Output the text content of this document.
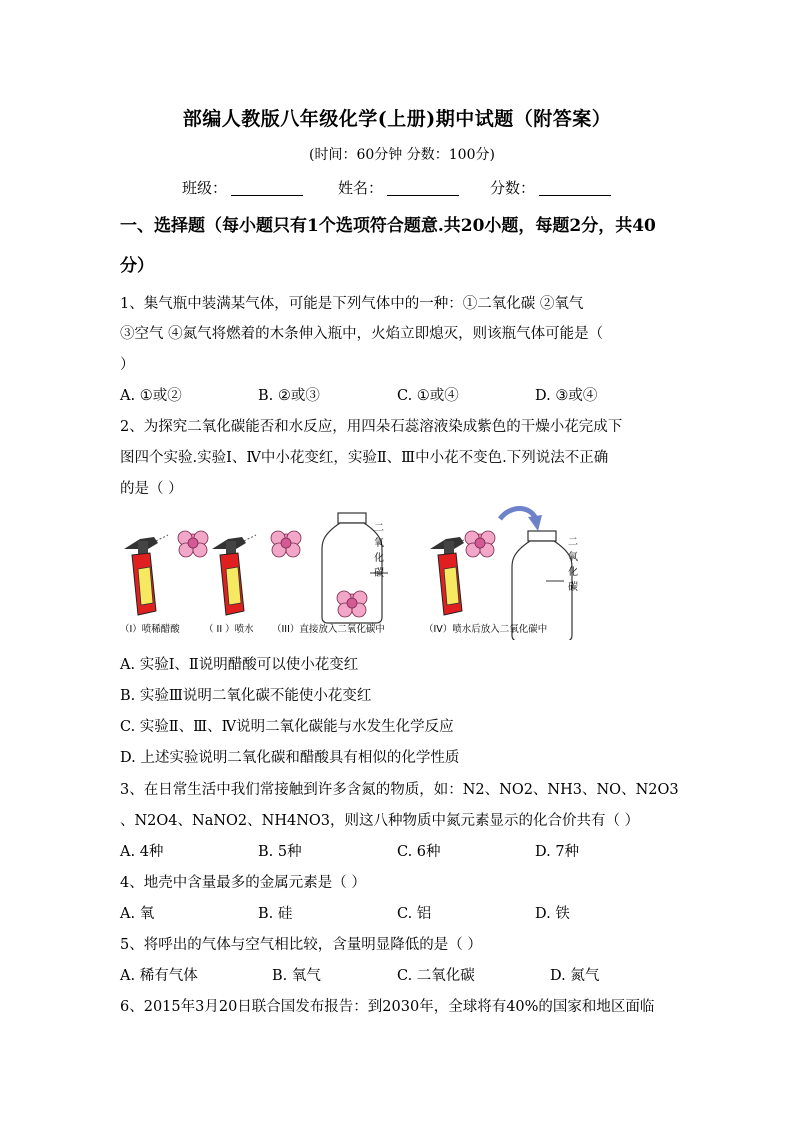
部编人教版八年级化学(上册)期中试题（附答案）
(时间：60分钟 分数：100分)
班级：	姓名：	分数：
一、选择题（每小题只有1个选项符合题意.共20小题，每题2分，共40分）
1、集气瓶中装满某气体，可能是下列气体中的一种：①二氧化碳 ②氧气
③空气 ④氮气将燃着的木条伸入瓶中，火焰立即熄灭，则该瓶气体可能是（
）
A. ①或②	B. ②或③	C. ①或④	D. ③或④
2、为探究二氧化碳能否和水反应，用四朵石蕊溶液染成紫色的干燥小花完成下
图四个实验.实验Ⅰ、Ⅳ中小花变红，实验Ⅱ、Ⅲ中小花不变色.下列说法不正确
的是（ ）
二
氧
化
碳
二
氧
化
碳
（I）喷稀醋酸	（ II ）喷水 （III）直接放入二氧化碳中	（IV）喷水后放入二氧化碳中
A. 实验Ⅰ、Ⅱ说明醋酸可以使小花变红
B. 实验Ⅲ说明二氧化碳不能使小花变红
C. 实验Ⅱ、Ⅲ、Ⅳ说明二氧化碳能与水发生化学反应
D. 上述实验说明二氧化碳和醋酸具有相似的化学性质
3、在日常生活中我们常接触到许多含氮的物质，如：N2、NO2、NH3、NO、N2O3
、N2O4、NaNO2、NH4NO3，则这八种物质中氮元素显示的化合价共有（ ）
A. 4种	B. 5种	C. 6种	D. 7种
4、地壳中含量最多的金属元素是（ ）
A. 氧	B. 硅	C. 铝	D. 铁
5、将呼出的气体与空气相比较，含量明显降低的是（ ）
A. 稀有气体	B. 氧气	C. 二氧化碳	D. 氮气
6、2015年3月20日联合国发布报告：到2030年，全球将有40%的国家和地区面临
